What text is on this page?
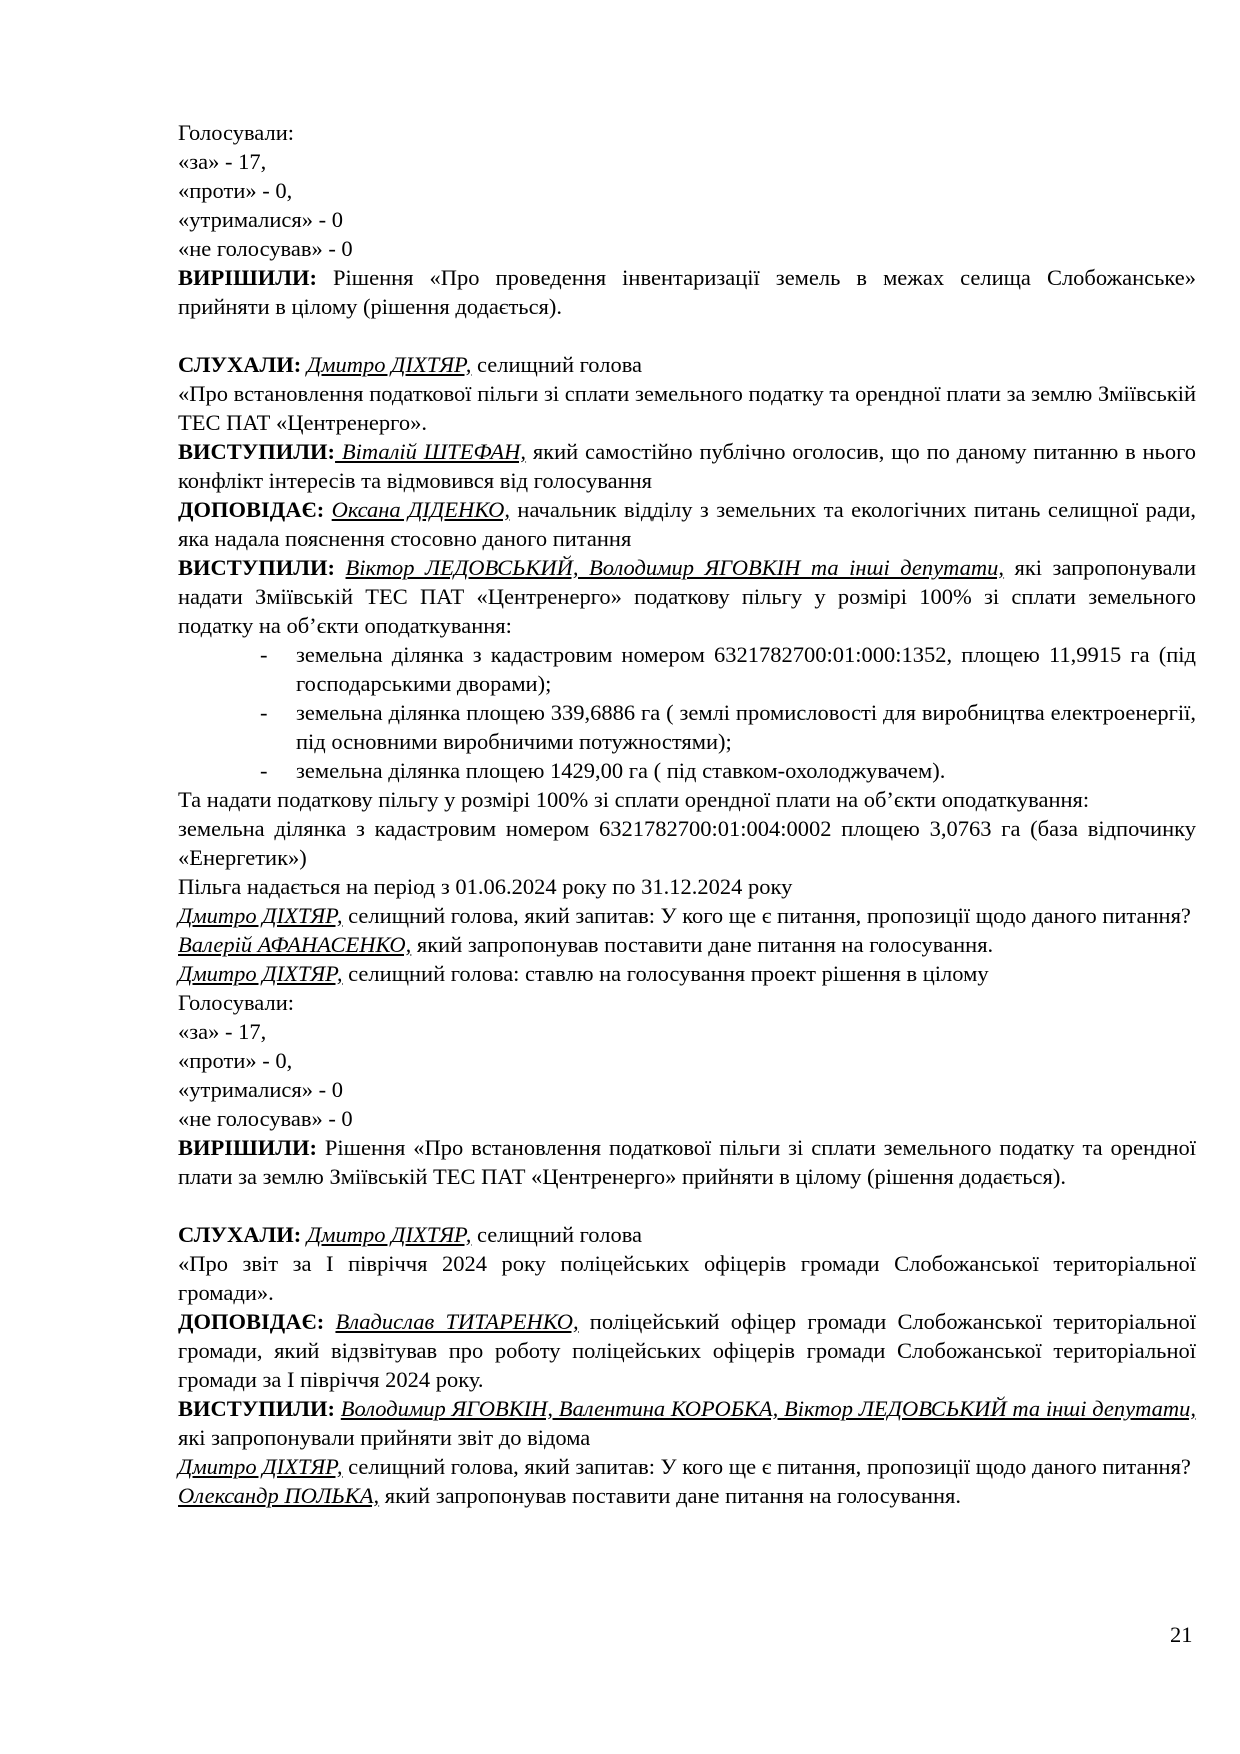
Голосували:

«за» - 17,

«проти» - 0,

«утрималися» - 0

«не голосував» - 0

ВИРІШИЛИ: Рішення «Про проведення інвентаризації земель в межах селища Слобожанське» прийняти в цілому (рішення додається).

СЛУХАЛИ: Дмитро ДІХТЯР, селищний голова

«Про встановлення податкової пільги зі сплати земельного податку та орендної плати за землю Зміївській ТЕС ПАТ «Центренерго».

ВИСТУПИЛИ: Віталій ШТЕФАН, який самостійно публічно оголосив, що по даному питанню в нього конфлікт інтересів та відмовився від голосування

ДОПОВІДАЄ: Оксана ДІДЕНКО, начальник відділу з земельних та екологічних питань селищної ради, яка надала пояснення стосовно даного питання

ВИСТУПИЛИ: Віктор ЛЕДОВСЬКИЙ, Володимир ЯГОВКІН та інші депутати, які запропонували надати Зміївській ТЕС ПАТ «Центренерго» податкову пільгу у розмірі 100% зі сплати земельного податку на об’єкти оподаткування:

- земельна ділянка з кадастровим номером 6321782700:01:000:1352, площею 11,9915 га (під господарськими дворами);
- земельна ділянка площею 339,6886 га ( землі промисловості для виробництва електроенергії, під основними виробничими потужностями);
- земельна ділянка площею 1429,00 га ( під ставком-охолоджувачем).

Та надати податкову пільгу у розмірі 100% зі сплати орендної плати на об’єкти оподаткування:

земельна ділянка з кадастровим номером 6321782700:01:004:0002 площею 3,0763 га (база відпочинку «Енергетик»)

Пільга надається на період з 01.06.2024 року по 31.12.2024 року

Дмитро ДІХТЯР, селищний голова, який запитав: У кого ще є питання, пропозиції щодо даного питання?

Валерій АФАНАСЕНКО, який запропонував поставити дане питання на голосування.

Дмитро ДІХТЯР, селищний голова: ставлю на голосування проект рішення в цілому

Голосували:

«за» - 17,

«проти» - 0,

«утрималися» - 0

«не голосував» - 0

ВИРІШИЛИ: Рішення «Про встановлення податкової пільги зі сплати земельного податку та орендної плати за землю Зміївській ТЕС ПАТ «Центренерго» прийняти в цілому (рішення додається).

СЛУХАЛИ: Дмитро ДІХТЯР, селищний голова

«Про звіт за І півріччя 2024 року поліцейських офіцерів громади Слобожанської територіальної громади».

ДОПОВІДАЄ: Владислав ТИТАРЕНКО, поліцейський офіцер громади Слобожанської територіальної громади, який відзвітував про роботу поліцейських офіцерів громади Слобожанської територіальної громади за І півріччя 2024 року.

ВИСТУПИЛИ: Володимир ЯГОВКІН, Валентина КОРОБКА, Віктор ЛЕДОВСЬКИЙ та інші депутати, які запропонували прийняти звіт до відома

Дмитро ДІХТЯР, селищний голова, який запитав: У кого ще є питання, пропозиції щодо даного питання?

Олександр ПОЛЬКА, який запропонував поставити дане питання на голосування.

21
